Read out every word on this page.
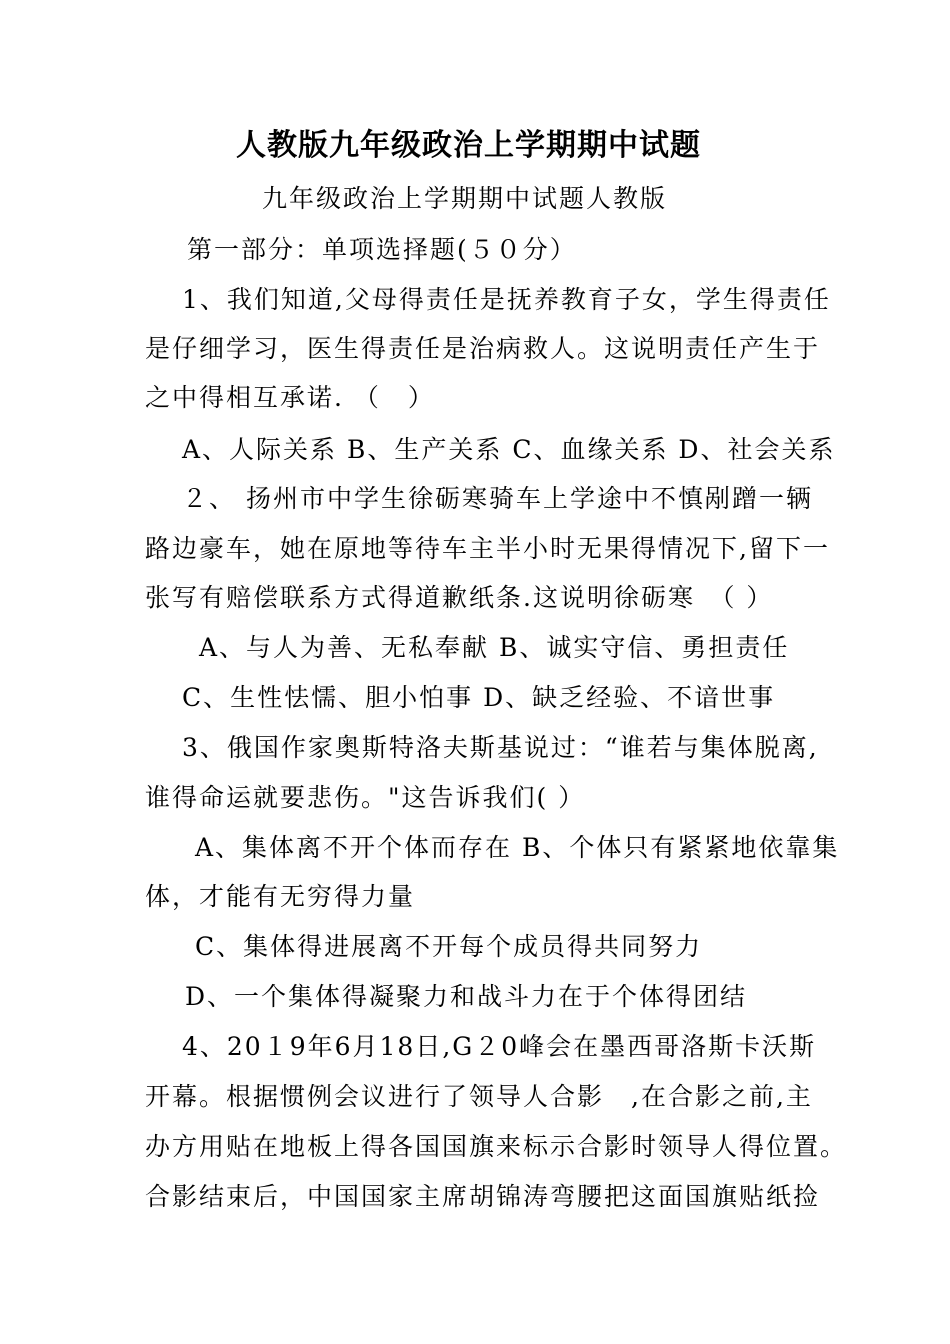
人教版九年级政治上学期期中试题
九年级政治上学期期中试题人教版
第一部分：单项选择题(５０分）
1、我们知道,父母得责任是抚养教育子女，学生得责任
是仔细学习，医生得责任是治病救人。这说明责任产生于
之中得相互承诺. （　）
A、人际关系 B、生产关系 C、血缘关系 D、社会关系
２、 扬州市中学生徐砺寒骑车上学途中不慎剐蹭一辆
路边豪车，她在原地等待车主半小时无果得情况下,留下一
张写有赔偿联系方式得道歉纸条.这说明徐砺寒　（ ）
A、与人为善、无私奉献 B、诚实守信、勇担责任
C、生性怯懦、胆小怕事 D、缺乏经验、不谙世事
3、俄国作家奥斯特洛夫斯基说过：“谁若与集体脱离,
谁得命运就要悲伤。"这告诉我们( ）
A、集体离不开个体而存在 B、个体只有紧紧地依靠集
体，才能有无穷得力量
C、集体得进展离不开每个成员得共同努力
D、一个集体得凝聚力和战斗力在于个体得团结
4、20１9年6月18日,G２0峰会在墨西哥洛斯卡沃斯
开幕。根据惯例会议进行了领导人合影　,在合影之前,主
办方用贴在地板上得各国国旗来标示合影时领导人得位置。
合影结束后，中国国家主席胡锦涛弯腰把这面国旗贴纸捡
